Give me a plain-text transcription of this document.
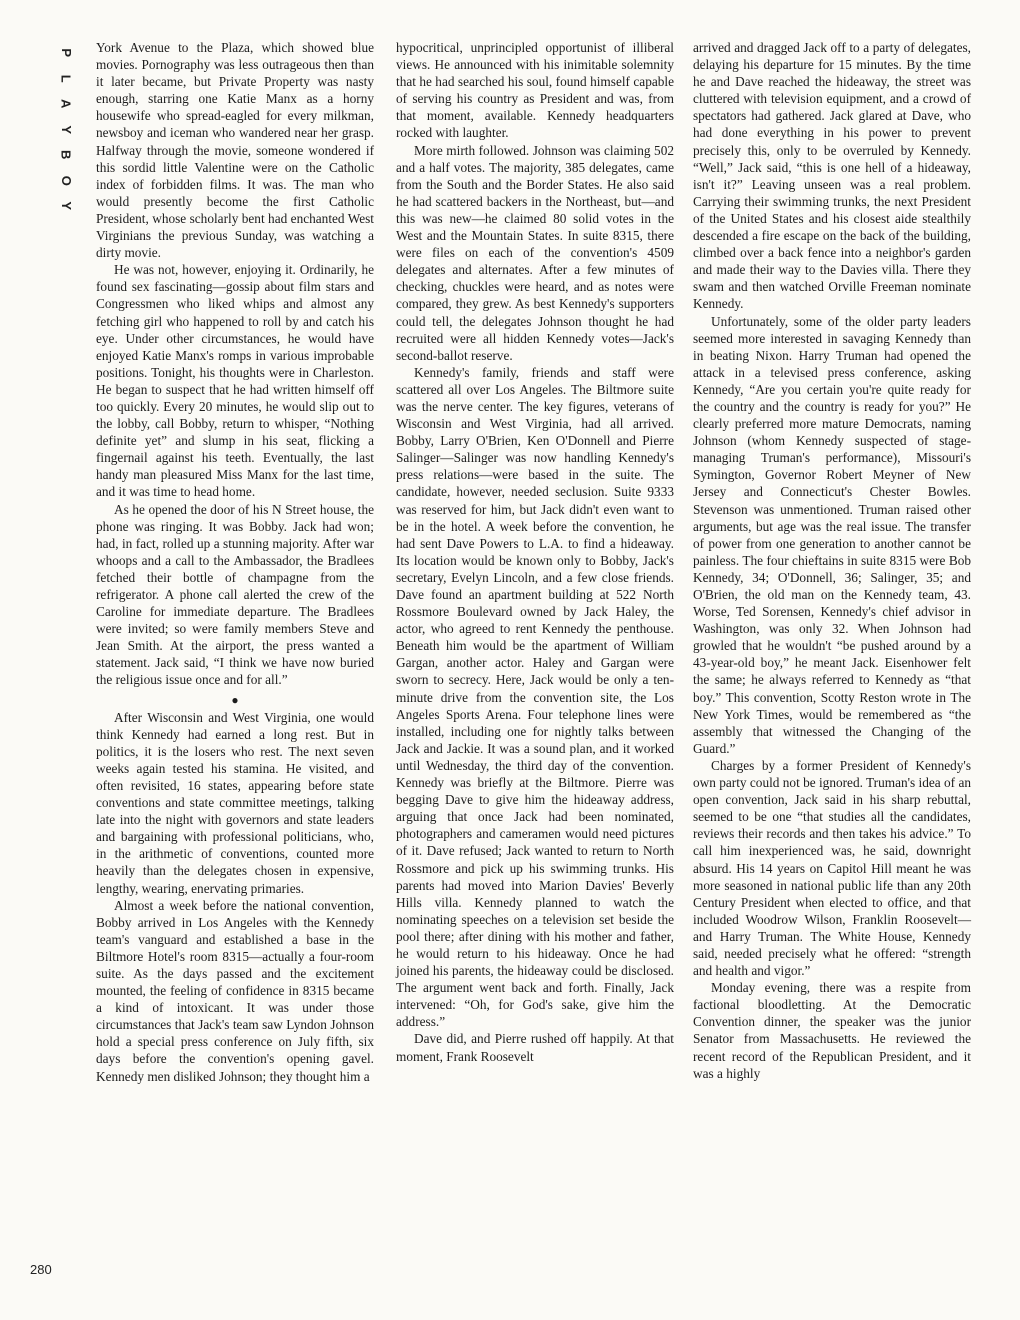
P
L
A
Y
B
O
Y

York Avenue to the Plaza, which showed blue movies. Pornography was less outrageous then than it later became, but Private Property was nasty enough, starring one Katie Manx as a horny housewife who spread-eagled for every milkman, newsboy and iceman who wandered near her grasp. Halfway through the movie, someone wondered if this sordid little Valentine were on the Catholic index of forbidden films. It was. The man who would presently become the first Catholic President, whose scholarly bent had enchanted West Virginians the previous Sunday, was watching a dirty movie.

He was not, however, enjoying it. Ordinarily, he found sex fascinating—gossip about film stars and Congressmen who liked whips and almost any fetching girl who happened to roll by and catch his eye. Under other circumstances, he would have enjoyed Katie Manx's romps in various improbable positions. Tonight, his thoughts were in Charleston. He began to suspect that he had written himself off too quickly. Every 20 minutes, he would slip out to the lobby, call Bobby, return to whisper, “Nothing definite yet” and slump in his seat, flicking a fingernail against his teeth. Eventually, the last handy man pleasured Miss Manx for the last time, and it was time to head home.

As he opened the door of his N Street house, the phone was ringing. It was Bobby. Jack had won; had, in fact, rolled up a stunning majority. After war whoops and a call to the Ambassador, the Bradlees fetched their bottle of champagne from the refrigerator. A phone call alerted the crew of the Caroline for immediate departure. The Bradlees were invited; so were family members Steve and Jean Smith. At the airport, the press wanted a statement. Jack said, “I think we have now buried the religious issue once and for all.”

●

After Wisconsin and West Virginia, one would think Kennedy had earned a long rest. But in politics, it is the losers who rest. The next seven weeks again tested his stamina. He visited, and often revisited, 16 states, appearing before state conventions and state committee meetings, talking late into the night with governors and state leaders and bargaining with professional politicians, who, in the arithmetic of conventions, counted more heavily than the delegates chosen in expensive, lengthy, wearing, enervating primaries.

Almost a week before the national convention, Bobby arrived in Los Angeles with the Kennedy team's vanguard and established a base in the Biltmore Hotel's room 8315—actually a four-room suite. As the days passed and the excitement mounted, the feeling of confidence in 8315 became a kind of intoxicant. It was under those circumstances that Jack's team saw Lyndon Johnson hold a special press conference on July fifth, six days before the convention's opening gavel. Kennedy men disliked Johnson; they thought him a

hypocritical, unprincipled opportunist of illiberal views. He announced with his inimitable solemnity that he had searched his soul, found himself capable of serving his country as President and was, from that moment, available. Kennedy headquarters rocked with laughter.

More mirth followed. Johnson was claiming 502 and a half votes. The majority, 385 delegates, came from the South and the Border States. He also said he had scattered backers in the Northeast, but—and this was new—he claimed 80 solid votes in the West and the Mountain States. In suite 8315, there were files on each of the convention's 4509 delegates and alternates. After a few minutes of checking, chuckles were heard, and as notes were compared, they grew. As best Kennedy's supporters could tell, the delegates Johnson thought he had recruited were all hidden Kennedy votes—Jack's second-ballot reserve.

Kennedy's family, friends and staff were scattered all over Los Angeles. The Biltmore suite was the nerve center. The key figures, veterans of Wisconsin and West Virginia, had all arrived. Bobby, Larry O'Brien, Ken O'Donnell and Pierre Salinger—Salinger was now handling Kennedy's press relations—were based in the suite. The candidate, however, needed seclusion. Suite 9333 was reserved for him, but Jack didn't even want to be in the hotel. A week before the convention, he had sent Dave Powers to L.A. to find a hideaway. Its location would be known only to Bobby, Jack's secretary, Evelyn Lincoln, and a few close friends. Dave found an apartment building at 522 North Rossmore Boulevard owned by Jack Haley, the actor, who agreed to rent Kennedy the penthouse. Beneath him would be the apartment of William Gargan, another actor. Haley and Gargan were sworn to secrecy. Here, Jack would be only a ten-minute drive from the convention site, the Los Angeles Sports Arena. Four telephone lines were installed, including one for nightly talks between Jack and Jackie. It was a sound plan, and it worked until Wednesday, the third day of the convention. Kennedy was briefly at the Biltmore. Pierre was begging Dave to give him the hideaway address, arguing that once Jack had been nominated, photographers and cameramen would need pictures of it. Dave refused; Jack wanted to return to North Rossmore and pick up his swimming trunks. His parents had moved into Marion Davies' Beverly Hills villa. Kennedy planned to watch the nominating speeches on a television set beside the pool there; after dining with his mother and father, he would return to his hideaway. Once he had joined his parents, the hideaway could be disclosed. The argument went back and forth. Finally, Jack intervened: “Oh, for God's sake, give him the address.”

Dave did, and Pierre rushed off happily. At that moment, Frank Roosevelt

arrived and dragged Jack off to a party of delegates, delaying his departure for 15 minutes. By the time he and Dave reached the hideaway, the street was cluttered with television equipment, and a crowd of spectators had gathered. Jack glared at Dave, who had done everything in his power to prevent precisely this, only to be overruled by Kennedy. “Well,” Jack said, “this is one hell of a hideaway, isn't it?” Leaving unseen was a real problem. Carrying their swimming trunks, the next President of the United States and his closest aide stealthily descended a fire escape on the back of the building, climbed over a back fence into a neighbor's garden and made their way to the Davies villa. There they swam and then watched Orville Freeman nominate Kennedy.

Unfortunately, some of the older party leaders seemed more interested in savaging Kennedy than in beating Nixon. Harry Truman had opened the attack in a televised press conference, asking Kennedy, “Are you certain you're quite ready for the country and the country is ready for you?” He clearly preferred more mature Democrats, naming Johnson (whom Kennedy suspected of stage-managing Truman's performance), Missouri's Symington, Governor Robert Meyner of New Jersey and Connecticut's Chester Bowles. Stevenson was unmentioned. Truman raised other arguments, but age was the real issue. The transfer of power from one generation to another cannot be painless. The four chieftains in suite 8315 were Bob Kennedy, 34; O'Donnell, 36; Salinger, 35; and O'Brien, the old man on the Kennedy team, 43. Worse, Ted Sorensen, Kennedy's chief advisor in Washington, was only 32. When Johnson had growled that he wouldn't “be pushed around by a 43-year-old boy,” he meant Jack. Eisenhower felt the same; he always referred to Kennedy as “that boy.” This convention, Scotty Reston wrote in The New York Times, would be remembered as “the assembly that witnessed the Changing of the Guard.”

Charges by a former President of Kennedy's own party could not be ignored. Truman's idea of an open convention, Jack said in his sharp rebuttal, seemed to be one “that studies all the candidates, reviews their records and then takes his advice.” To call him inexperienced was, he said, downright absurd. His 14 years on Capitol Hill meant he was more seasoned in national public life than any 20th Century President when elected to office, and that included Woodrow Wilson, Franklin Roosevelt—and Harry Truman. The White House, Kennedy said, needed precisely what he offered: “strength and health and vigor.”

Monday evening, there was a respite from factional bloodletting. At the Democratic Convention dinner, the speaker was the junior Senator from Massachusetts. He reviewed the recent record of the Republican President, and it was a highly

280
